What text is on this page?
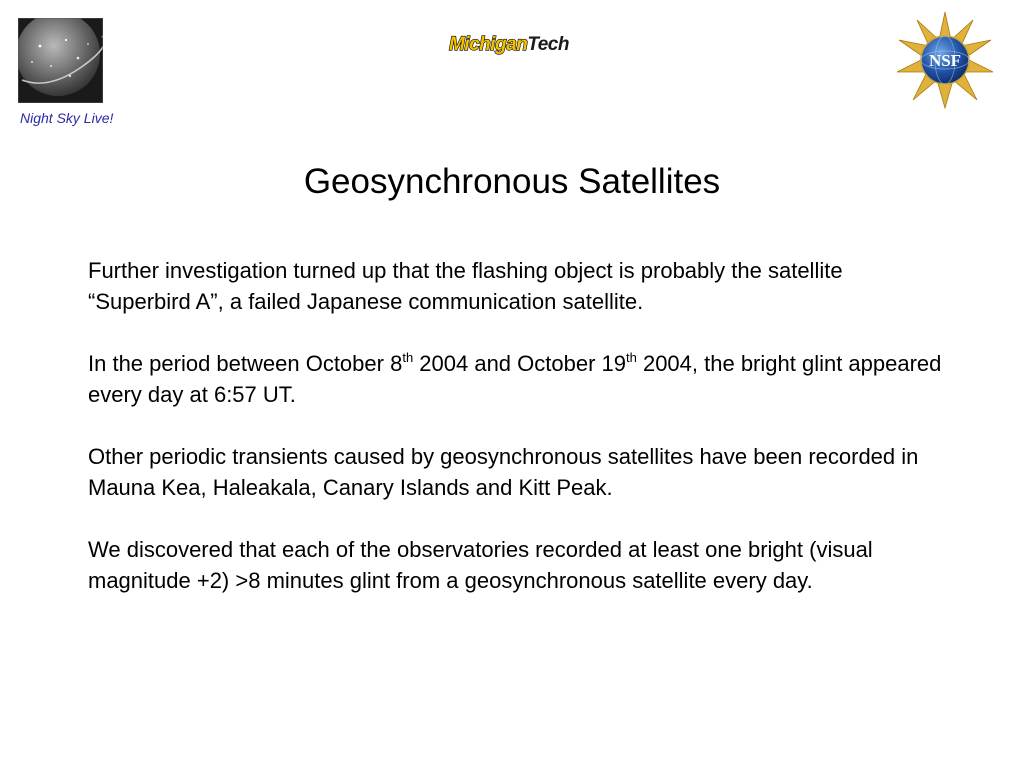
Night Sky Live!
Michigan Tech
NSF
Geosynchronous Satellites

Further investigation turned up that the flashing object is probably the satellite “Superbird A”, a failed Japanese communication satellite.

In the period between October 8th 2004 and October 19th 2004, the bright glint appeared every day at 6:57 UT.

Other periodic transients caused by geosynchronous satellites have been recorded in Mauna Kea, Haleakala, Canary Islands and Kitt Peak.

We discovered that each of the observatories recorded at least one bright (visual magnitude +2) >8 minutes glint from a geosynchronous satellite every day.
